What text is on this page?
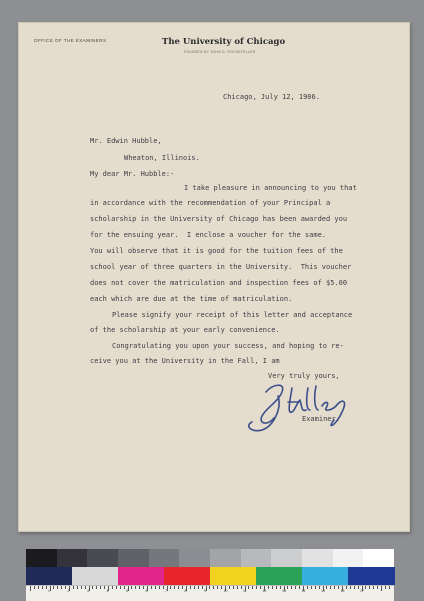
OFFICE OF THE EXAMINERS	The University of Chicago
FOUNDED BY JOHN D. ROCKEFELLER
Chicago, July 12, 1906.
Mr. Edwin Hubble,
Wheaton, Illinois.
My dear Mr. Hubble:-
I take pleasure in announcing to you that
in accordance with the recommendation of your Principal a
scholarship in the University of Chicago has been awarded you
for the ensuing year.  I enclose a voucher for the same.
You will observe that it is good for the tuition fees of the
school year of three quarters in the University.  This voucher
does not cover the matriculation and inspection fees of $5.00
each which are due at the time of matriculation.
Please signify your receipt of this letter and acceptance
of the scholarship at your early convenience.
Congratulating you upon your success, and hoping to re-
ceive you at the University in the Fall, I am
Very truly yours,
Examiner.
1	2	3	4	5	6	7	8	9	10	11	12	13	14	15	16	17
